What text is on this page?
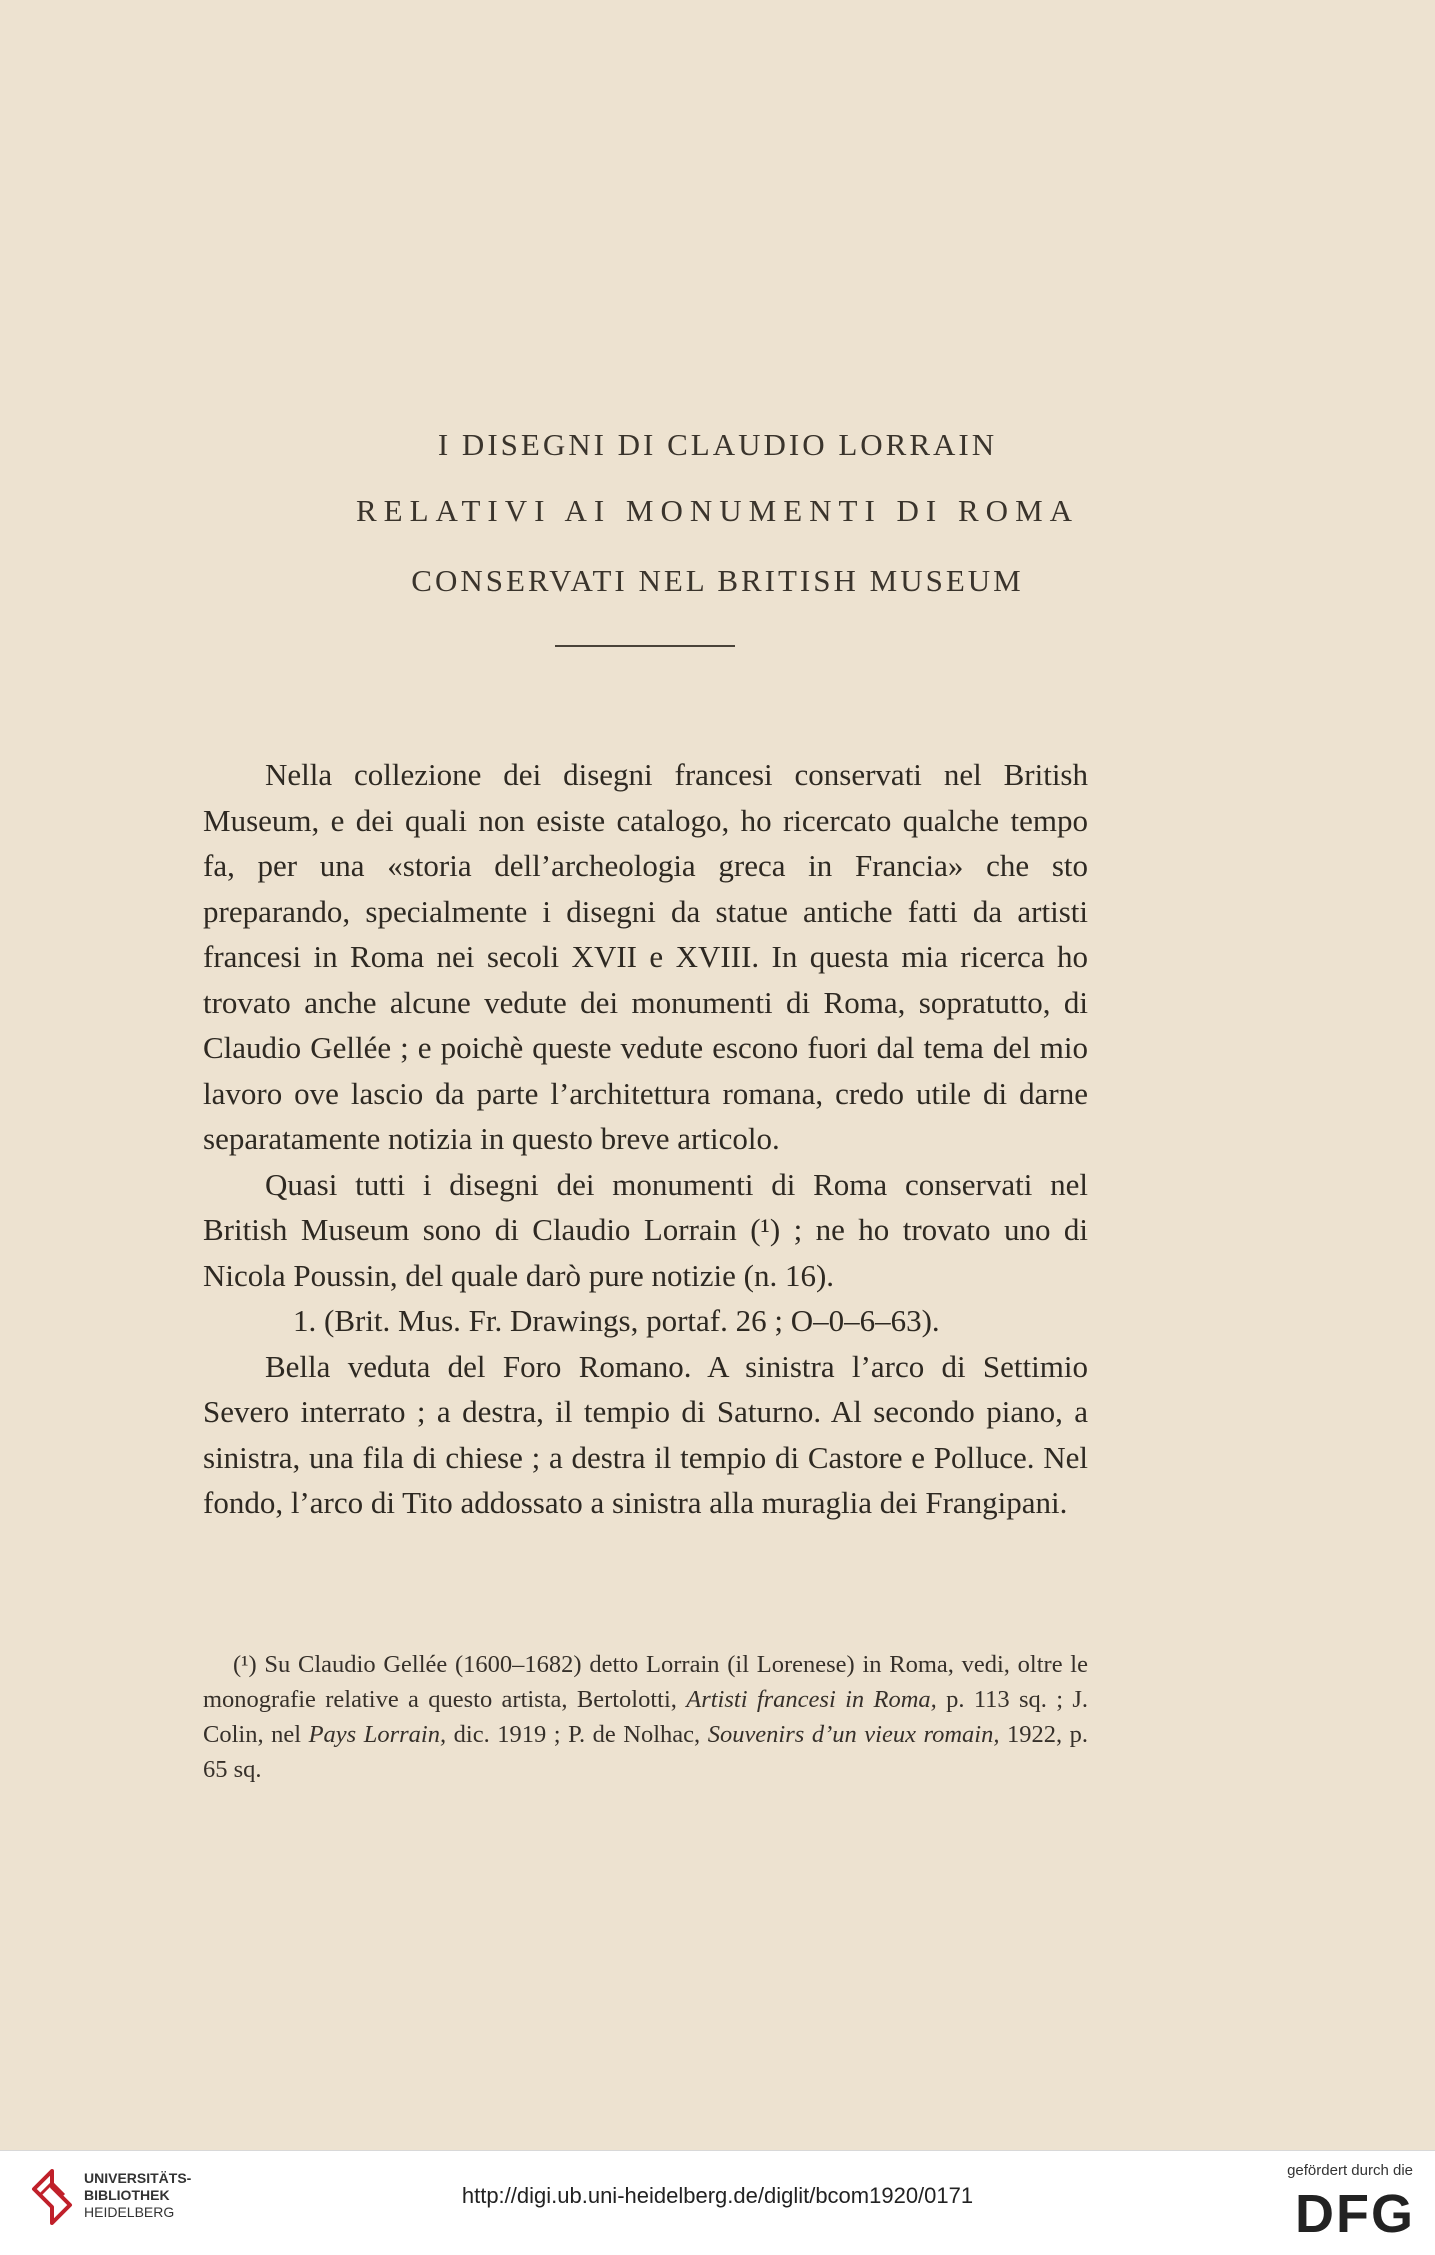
I DISEGNI DI CLAUDIO LORRAIN
RELATIVI AI MONUMENTI DI ROMA
CONSERVATI NEL BRITISH MUSEUM

Nella collezione dei disegni francesi conservati nel British Museum, e dei quali non esiste catalogo, ho ricercato qualche tempo fa, per una «storia dell’archeologia greca in Francia» che sto preparando, specialmente i disegni da statue antiche fatti da artisti francesi in Roma nei secoli XVII e XVIII. In questa mia ricerca ho trovato anche alcune vedute dei monumenti di Roma, sopratutto, di Claudio Gellée ; e poichè queste vedute escono fuori dal tema del mio lavoro ove lascio da parte l’architettura romana, credo utile di darne separatamente notizia in questo breve articolo.

Quasi tutti i disegni dei monumenti di Roma conservati nel British Museum sono di Claudio Lorrain (¹) ; ne ho trovato uno di Nicola Poussin, del quale darò pure notizie (n. 16).

1. (Brit. Mus. Fr. Drawings, portaf. 26 ; O–0–6–63).

Bella veduta del Foro Romano. A sinistra l’arco di Settimio Severo interrato ; a destra, il tempio di Saturno. Al secondo piano, a sinistra, una fila di chiese ; a destra il tempio di Castore e Polluce. Nel fondo, l’arco di Tito addossato a sinistra alla muraglia dei Frangipani.

(¹) Su Claudio Gellée (1600–1682) detto Lorrain (il Lorenese) in Roma, vedi, oltre le monografie relative a questo artista, Bertolotti, Artisti francesi in Roma, p. 113 sq. ; J. Colin, nel Pays Lorrain, dic. 1919 ; P. de Nolhac, Souvenirs d’un vieux romain, 1922, p. 65 sq.
UNIVERSITÄTS-
BIBLIOTHEK
HEIDELBERG
http://digi.ub.uni-heidelberg.de/diglit/bcom1920/0171
gefördert durch die
DFG
